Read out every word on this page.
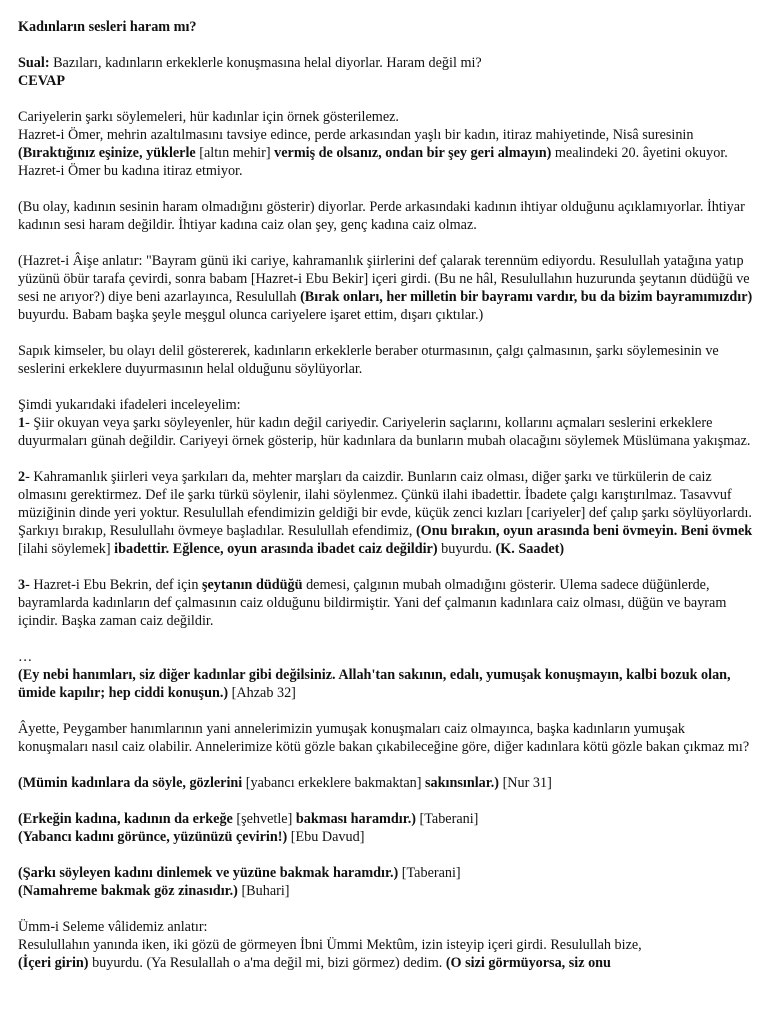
Kadınların sesleri haram mı?

Sual: Bazıları, kadınların erkeklerle konuşmasına helal diyorlar. Haram değil mi?

CEVAP

Cariyelerin şarkı söylemeleri, hür kadınlar için örnek gösterilemez.
Hazret-i Ömer, mehrin azaltılmasını tavsiye edince, perde arkasından yaşlı bir kadın, itiraz mahiyetinde, Nisâ suresinin (Bıraktığınız eşinize, yüklerle [altın mehir] vermiş de olsanız, ondan bir şey geri almayın) mealindeki 20. âyetini okuyor. Hazret-i Ömer bu kadına itiraz etmiyor.

(Bu olay, kadının sesinin haram olmadığını gösterir) diyorlar. Perde arkasındaki kadının ihtiyar olduğunu açıklamıyorlar. İhtiyar kadının sesi haram değildir. İhtiyar kadına caiz olan şey, genç kadına caiz olmaz.

(Hazret-i Âişe anlatır: "Bayram günü iki cariye, kahramanlık şiirlerini def çalarak terennüm ediyordu. Resulullah yatağına yatıp yüzünü öbür tarafa çevirdi, sonra babam [Hazret-i Ebu Bekir] içeri girdi. (Bu ne hâl, Resulullahın huzurunda şeytanın düdüğü ve sesi ne arıyor?) diye beni azarlayınca, Resulullah (Bırak onları, her milletin bir bayramı vardır, bu da bizim bayramımızdır) buyurdu. Babam başka şeyle meşgul olunca cariyelere işaret ettim, dışarı çıktılar.)

Sapık kimseler, bu olayı delil göstererek, kadınların erkeklerle beraber oturmasının, çalgı çalmasının, şarkı söylemesinin ve seslerini erkeklere duyurmasının helal olduğunu söylüyorlar.

Şimdi yukarıdaki ifadeleri inceleyelim:
1- Şiir okuyan veya şarkı söyleyenler, hür kadın değil cariyedir. Cariyelerin saçlarını, kollarını açmaları seslerini erkeklere duyurmaları günah değildir. Cariyeyi örnek gösterip, hür kadınlara da bunların mubah olacağını söylemek Müslümana yakışmaz.

2- Kahramanlık şiirleri veya şarkıları da, mehter marşları da caizdir. Bunların caiz olması, diğer şarkı ve türkülerin de caiz olmasını gerektirmez. Def ile şarkı türkü söylenir, ilahi söylenmez. Çünkü ilahi ibadettir. İbadete çalgı karıştırılmaz. Tasavvuf müziğinin dinde yeri yoktur. Resulullah efendimizin geldiği bir evde, küçük zenci kızları [cariyeler] def çalıp şarkı söylüyorlardı. Şarkıyı bırakıp, Resulullahı övmeye başladılar. Resulullah efendimiz, (Onu bırakın, oyun arasında beni övmeyin. Beni övmek [ilahi söylemek] ibadettir. Eğlence, oyun arasında ibadet caiz değildir) buyurdu. (K. Saadet)

3- Hazret-i Ebu Bekrin, def için şeytanın düdüğü demesi, çalgının mubah olmadığını gösterir. Ulema sadece düğünlerde, bayramlarda kadınların def çalmasının caiz olduğunu bildirmiştir. Yani def çalmanın kadınlara caiz olması, düğün ve bayram içindir. Başka zaman caiz değildir.

…
(Ey nebi hanımları, siz diğer kadınlar gibi değilsiniz. Allah'tan sakının, edalı, yumuşak konuşmayın, kalbi bozuk olan, ümide kapılır; hep ciddi konuşun.) [Ahzab 32]

Âyette, Peygamber hanımlarının yani annelerimizin yumuşak konuşmaları caiz olmayınca, başka kadınların yumuşak konuşmaları nasıl caiz olabilir. Annelerimize kötü gözle bakan çıkabileceğine göre, diğer kadınlara kötü gözle bakan çıkmaz mı?

(Mümin kadınlara da söyle, gözlerini [yabancı erkeklere bakmaktan] sakınsınlar.) [Nur 31]

(Erkeğin kadına, kadının da erkeğe [şehvetle] bakması haramdır.) [Taberani]
(Yabancı kadını görünce, yüzünüzü çevirin!) [Ebu Davud]

(Şarkı söyleyen kadını dinlemek ve yüzüne bakmak haramdır.) [Taberani]
(Namahreme bakmak göz zinasıdır.) [Buhari]

Ümm-i Seleme vâlidemiz anlatır:
Resulullahın yanında iken, iki gözü de görmeyen İbni Ümmi Mektûm, izin isteyip içeri girdi. Resulullah bize,
(İçeri girin) buyurdu. (Ya Resulallah o a'ma değil mi, bizi görmez) dedim. (O sizi görmüyorsa, siz onu
